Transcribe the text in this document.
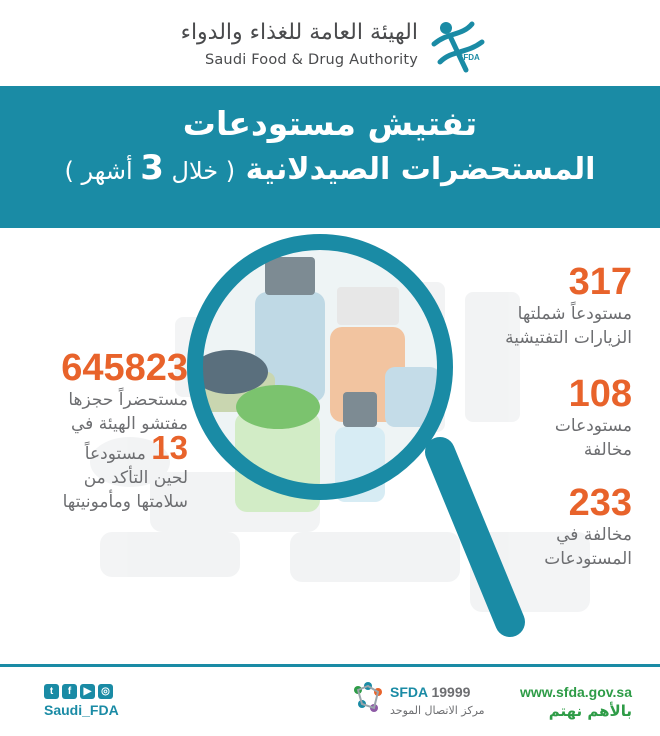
الهيئة العامة للغذاء والدواء
Saudi Food & Drug Authority	SFDA
تفتيش مستودعات
المستحضرات الصيدلانية ( خلال 3 أشهر )
317
مستودعاً شملتها
الزيارات التفتيشية
108
مستودعات
مخالفة
233
مخالفة في
المستودعات
645823
مستحضراً حجزها
مفتشو الهيئة في
13 مستودعاً
لحين التأكد من
سلامتها ومأمونيتها
t	f	▶ ◎
Saudi_FDA
SFDA 19999
مركز الاتصال الموحد
www.sfda.gov.sa
بالأهم نهتم
